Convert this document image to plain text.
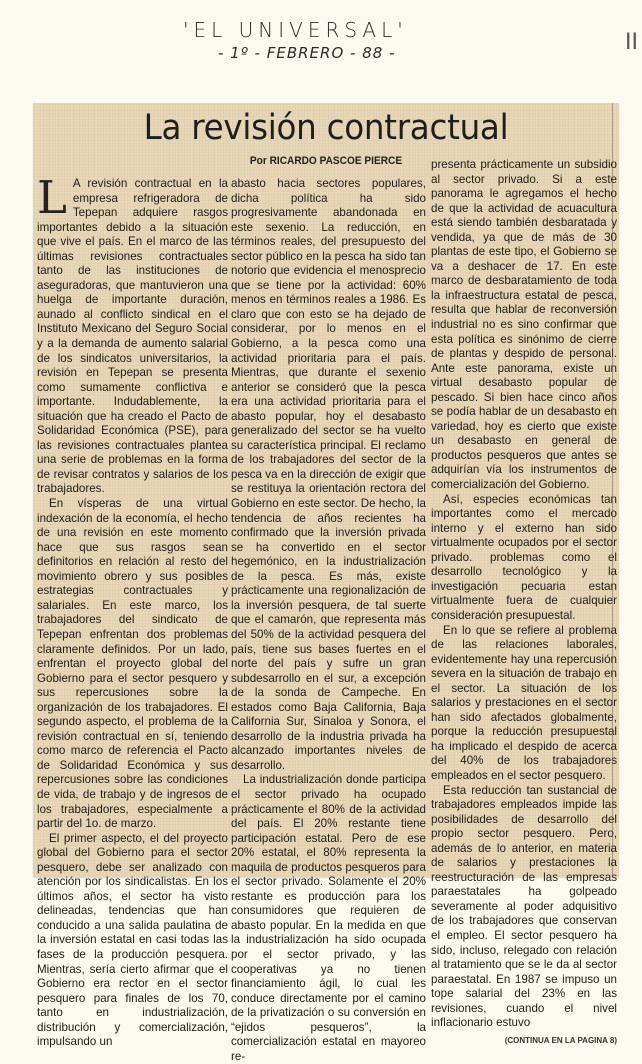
'EL UNIVERSAL'
- 1º - FEBRERO - 88 -	II
La revisión contractual
Por RICARDO PASCOE PIERCE

L A revisión contractual en la empresa refrigeradora de Tepepan adquiere rasgos importantes debido a la situación que vive el país. En el marco de las últimas revisiones contractuales tanto de las instituciones de aseguradoras, que mantuvieron una huelga de importante duración, aunado al conflicto sindical en el Instituto Mexicano del Seguro Social y a la demanda de aumento salarial de los sindicatos universitarios, la revisión en Tepepan se presenta como sumamente conflictiva e importante. Indudablemente, la situación que ha creado el Pacto de Solidaridad Económica (PSE), para las revisiones contractuales plantea una serie de problemas en la forma de revisar contratos y salarios de los trabajadores.

En vísperas de una virtual indexación de la economía, el hecho de una revisión en este momento hace que sus rasgos sean definitorios en relación al resto del movimiento obrero y sus posibles estrategias contractuales y salariales. En este marco, los trabajadores del sindicato de Tepepan enfrentan dos problemas claramente definidos. Por un lado, enfrentan el proyecto global del Gobierno para el sector pesquero y sus repercusiones sobre la organización de los trabajadores. El segundo aspecto, el problema de la revisión contractual en sí, teniendo como marco de referencia el Pacto de Solidaridad Económica y sus repercusiones sobre las condiciones de vida, de trabajo y de ingresos de los trabajadores, especialmente a partir del 1o. de marzo.

El primer aspecto, el del proyecto global del Gobierno para el sector pesquero, debe ser analizado con atención por los sindicalistas. En los últimos años, el sector ha visto delineadas, tendencias que han conducido a una salida paulatina de la inversión estatal en casi todas las fases de la producción pesquera. Mientras, sería cierto afirmar que el Gobierno era rector en el sector pesquero para finales de los 70, tanto en industrialización, distribución y comercialización, impulsando un

abasto hacia sectores populares, dicha política ha sido progresivamente abandonada en este sexenio. La reducción, en términos reales, del presupuesto del sector público en la pesca ha sido tan notorio que evidencia el menosprecio que se tiene por la actividad: 60% menos en términos reales a 1986. Es claro que con esto se ha dejado de considerar, por lo menos en el Gobierno, a la pesca como una actividad prioritaria para el país. Mientras, que durante el sexenio anterior se consideró que la pesca era una actividad prioritaria para el abasto popular, hoy el desabasto generalizado del sector se ha vuelto su característica principal. El reclamo de los trabajadores del sector de la pesca va en la dirección de exigir que se restituya la orientación rectora del Gobierno en este sector. De hecho, la tendencia de años recientes ha confirmado que la inversión privada se ha convertido en el sector hegemónico, en la industrialización de la pesca. Es más, existe prácticamente una regionalización de la inversión pesquera, de tal suerte que el camarón, que representa más del 50% de la actividad pesquera del país, tiene sus bases fuertes en el norte del país y sufre un gran subdesarrollo en el sur, a excepción de la sonda de Campeche. En estados como Baja California, Baja California Sur, Sinaloa y Sonora, el desarrollo de la industria privada ha alcanzado importantes niveles de desarrollo.

La industrialización donde participa el sector privado ha ocupado prácticamente el 80% de la actividad del país. El 20% restante tiene participación estatal. Pero de ese 20% estatal, el 80% representa la maquila de productos pesqueros para el sector privado. Solamente el 20% restante es producción para los consumidores que requieren de abasto popular. En la medida en que la industrialización ha sido ocupada por el sector privado, y las cooperativas ya no tienen financiamiento ágil, lo cual les conduce directamente por el camino de la privatización o su conversión en “ejidos pesqueros”, la comercialización estatal en mayoreo re-

presenta prácticamente un subsidio al sector privado. Si a este panorama le agregamos el hecho de que la actividad de acuacultura está siendo también desbaratada y vendida, ya que de más de 30 plantas de este tipo, el Gobierno se va a deshacer de 17. En este marco de desbaratamiento de toda la infraestructura estatal de pesca, resulta que hablar de reconversión industrial no es sino confirmar que esta política es sinónimo de cierre de plantas y despido de personal. Ante este panorama, existe un virtual desabasto popular de pescado. Si bien hace cinco años se podía hablar de un desabasto en variedad, hoy es cierto que existe un desabasto en general de productos pesqueros que antes se adquirían vía los instrumentos de comercialización del Gobierno.

Así, especies económicas tan importantes como el mercado interno y el externo han sido virtualmente ocupados por el sector privado. problemas como el desarrollo tecnológico y la investigación pecuaria estan virtualmente fuera de cualquier consideración presupuestal.

En lo que se refiere al problema de las relaciones laborales, evidentemente hay una repercusión severa en la situación de trabajo en el sector. La situación de los salarios y prestaciones en el sector han sido afectados globalmente, porque la reducción presupuestal ha implicado el despido de acerca del 40% de los trabajadores empleados en el sector pesquero.

Esta reducción tan sustancial de trabajadores empleados impide las posibilidades de desarrollo del propio sector pesquero. Pero, además de lo anterior, en materia de salarios y prestaciones la reestructuración de las empresas paraestatales ha golpeado severamente al poder adquisitivo de los trabajadores que conservan el empleo. El sector pesquero ha sido, incluso, relegado con relación al tratamiento que se le da al sector paraestatal. En 1987 se impuso un tope salarial del 23% en las revisiones, cuando el nivel inflacionario estuvo

(CONTINUA EN LA PAGINA 8)
